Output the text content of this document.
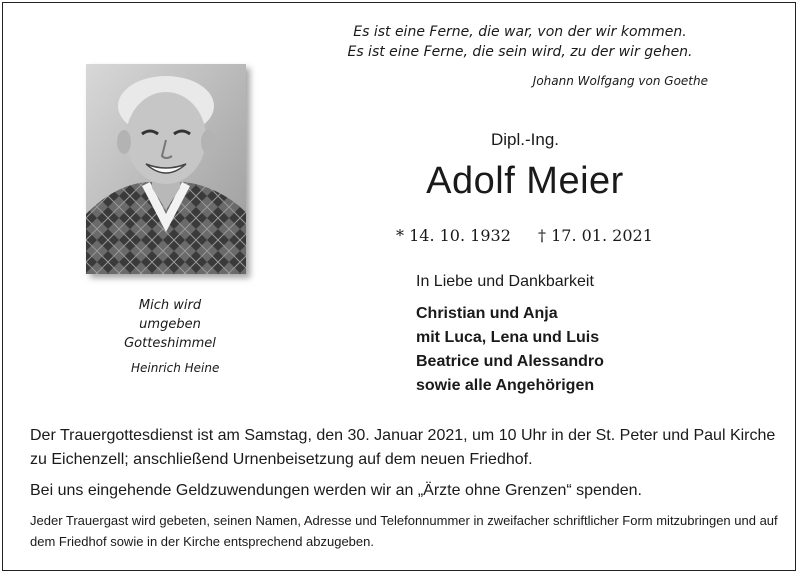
Es ist eine Ferne, die war, von der wir kommen.
Es ist eine Ferne, die sein wird, zu der wir gehen.
Johann Wolfgang von Goethe
Mich wird
umgeben
Gotteshimmel
Heinrich Heine
Dipl.-Ing.
Adolf Meier
* 14. 10. 1932 † 17. 01. 2021
In Liebe und Dankbarkeit
Christian und Anja
mit Luca, Lena und Luis
Beatrice und Alessandro
sowie alle Angehörigen
Der Trauergottesdienst ist am Samstag, den 30. Januar 2021, um 10 Uhr in der St. Peter und Paul Kirche zu Eichenzell; anschließend Urnenbeisetzung auf dem neuen Friedhof.
Bei uns eingehende Geldzuwendungen werden wir an „Ärzte ohne Grenzen“ spenden.
Jeder Trauergast wird gebeten, seinen Namen, Adresse und Telefonnummer in zweifacher schriftlicher Form mitzubringen und auf dem Friedhof sowie in der Kirche entsprechend abzugeben.
